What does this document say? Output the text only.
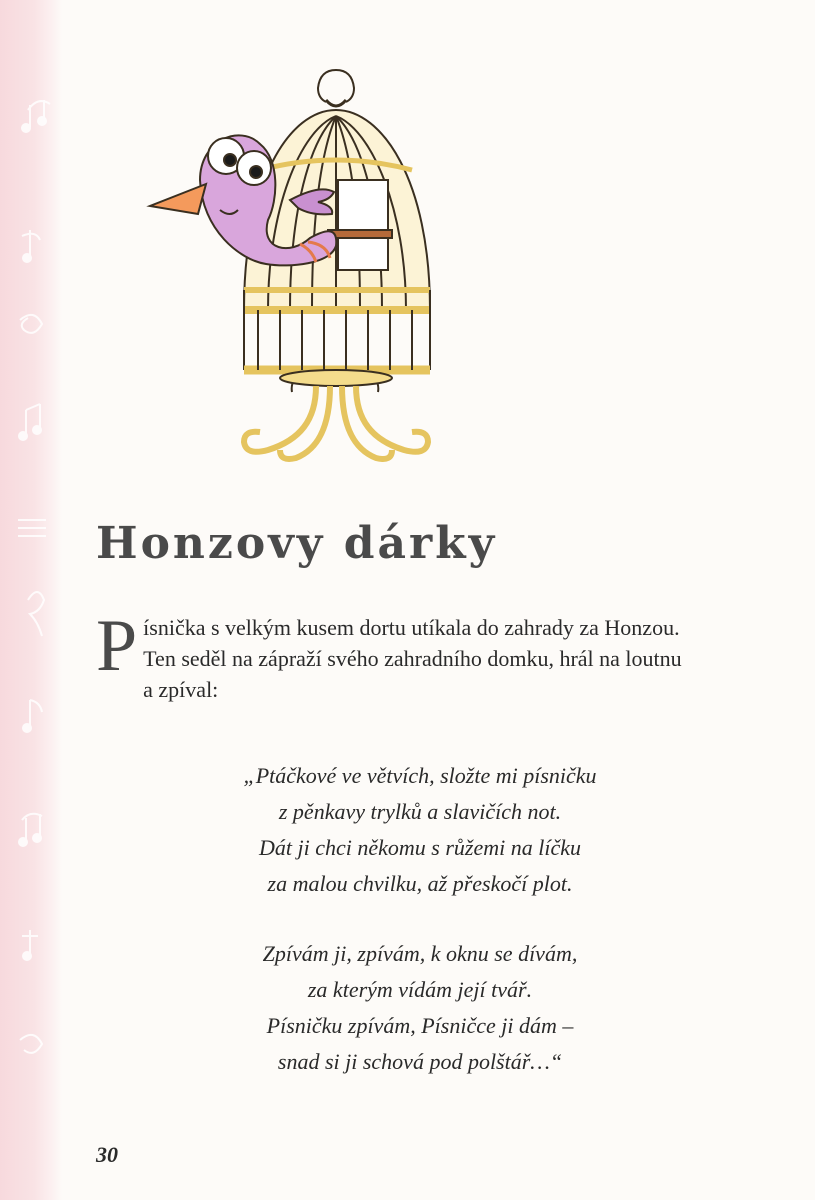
Honzovy dárky
P ísnička s velkým kusem dortu utíkala do zahrady za Honzou.
Ten seděl na zápraží svého zahradního domku, hrál na loutnu
a zpíval:
„Ptáčkové ve větvích, složte mi písničku
z pěnkavy trylků a slavičích not.
Dát ji chci někomu s růžemi na líčku
za malou chvilku, až přeskočí plot.
Zpívám ji, zpívám, k oknu se dívám,
za kterým vídám její tvář.
Písničku zpívám, Písničce ji dám –
snad si ji schová pod polštář…“
30
